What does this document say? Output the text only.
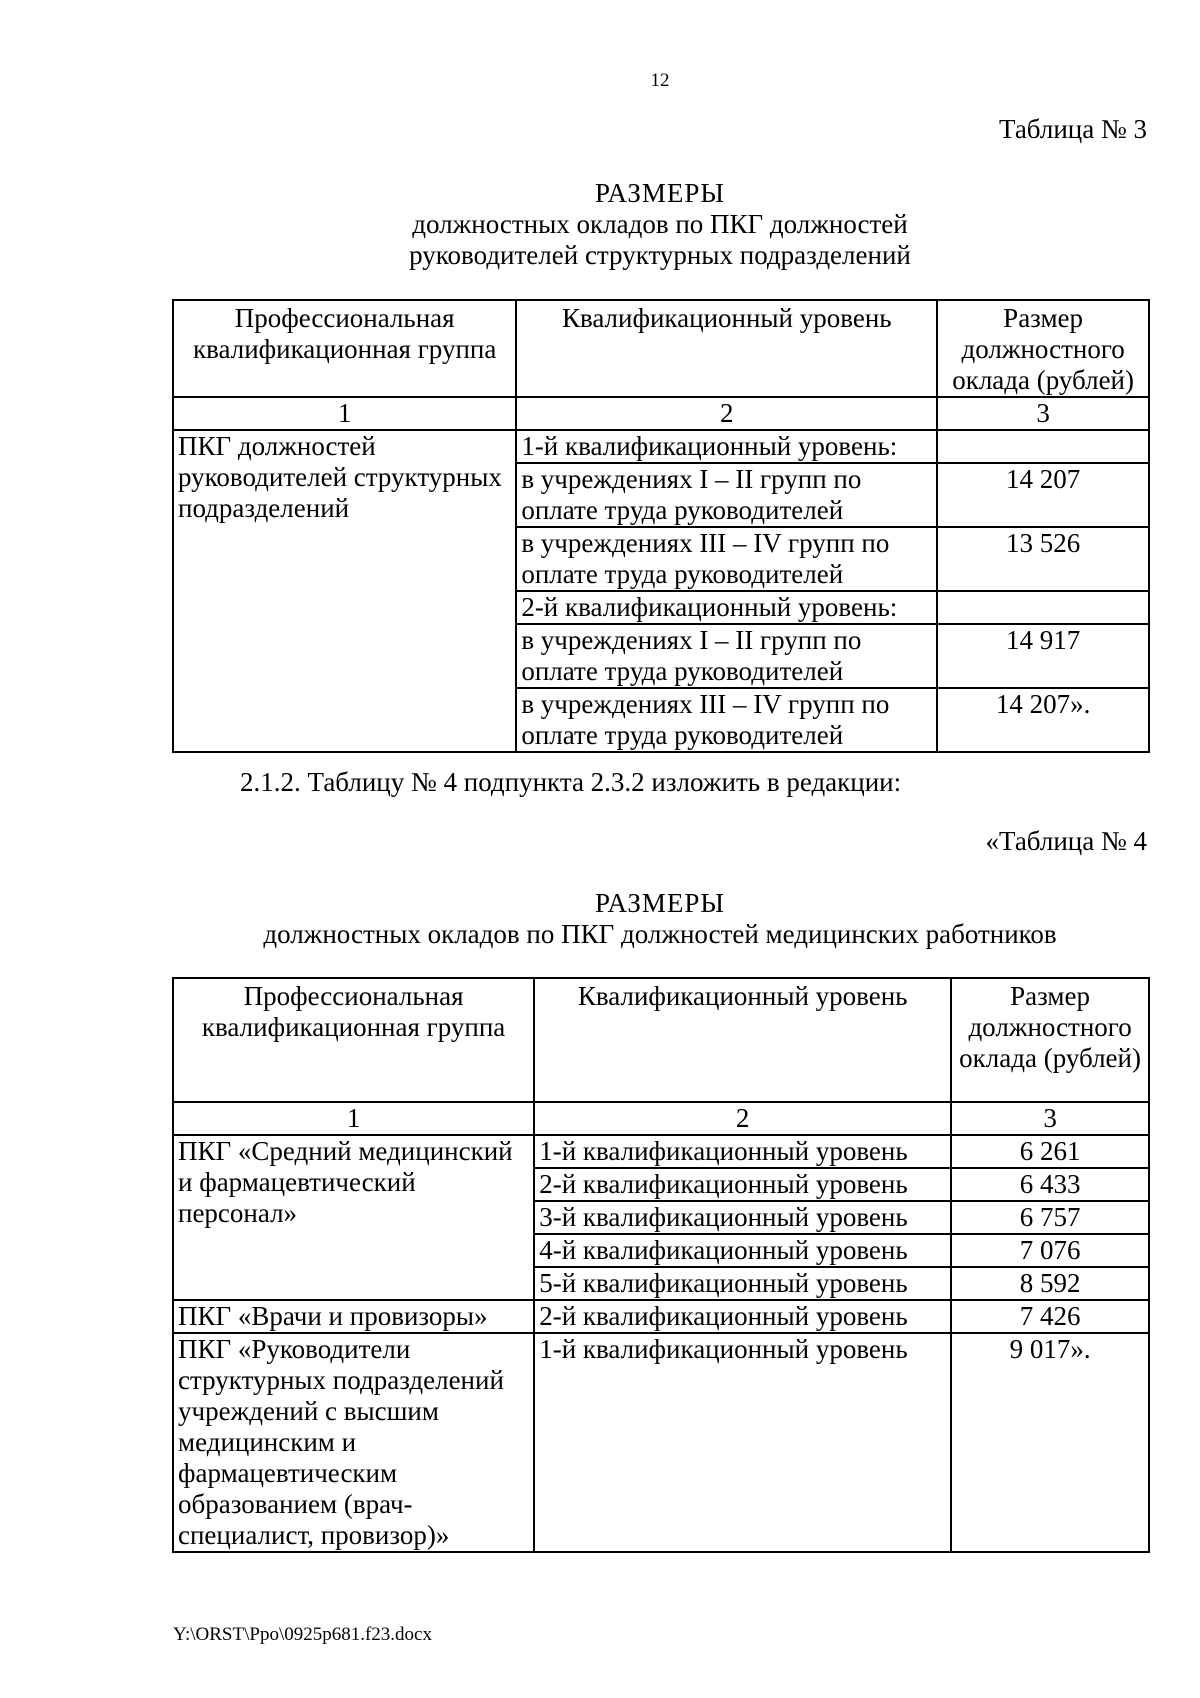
12
Таблица № 3
РАЗМЕРЫ
должностных окладов по ПКГ должностей
руководителей структурных подразделений
Профессиональная квалификационная группа	Квалификационный уровень	Размер должностного оклада (рублей)
1	2	3
ПКГ должностей руководителей структурных подразделений	1-й квалификационный уровень:	
	в учреждениях I – II групп по оплате труда руководителей	14 207
	в учреждениях III – IV групп по оплате труда руководителей	13 526
	2-й квалификационный уровень:	
	в учреждениях I – II групп по оплате труда руководителей	14 917
	в учреждениях III – IV групп по оплате труда руководителей	14 207».
2.1.2. Таблицу № 4 подпункта 2.3.2 изложить в редакции:
«Таблица № 4
РАЗМЕРЫ
должностных окладов по ПКГ должностей медицинских работников
Профессиональная квалификационная группа	Квалификационный уровень	Размер должностного оклада (рублей)
1	2	3
ПКГ «Средний медицинский и фармацевтический персонал»	1-й квалификационный уровень	6 261
	2-й квалификационный уровень	6 433
	3-й квалификационный уровень	6 757
	4-й квалификационный уровень	7 076
	5-й квалификационный уровень	8 592
ПКГ «Врачи и провизоры»	2-й квалификационный уровень	7 426
ПКГ «Руководители структурных подразделений учреждений с высшим медицинским и фармацевтическим образованием (врач-специалист, провизор)»	1-й квалификационный уровень	9 017».
Y:\ORST\Ppo\0925p681.f23.docx
